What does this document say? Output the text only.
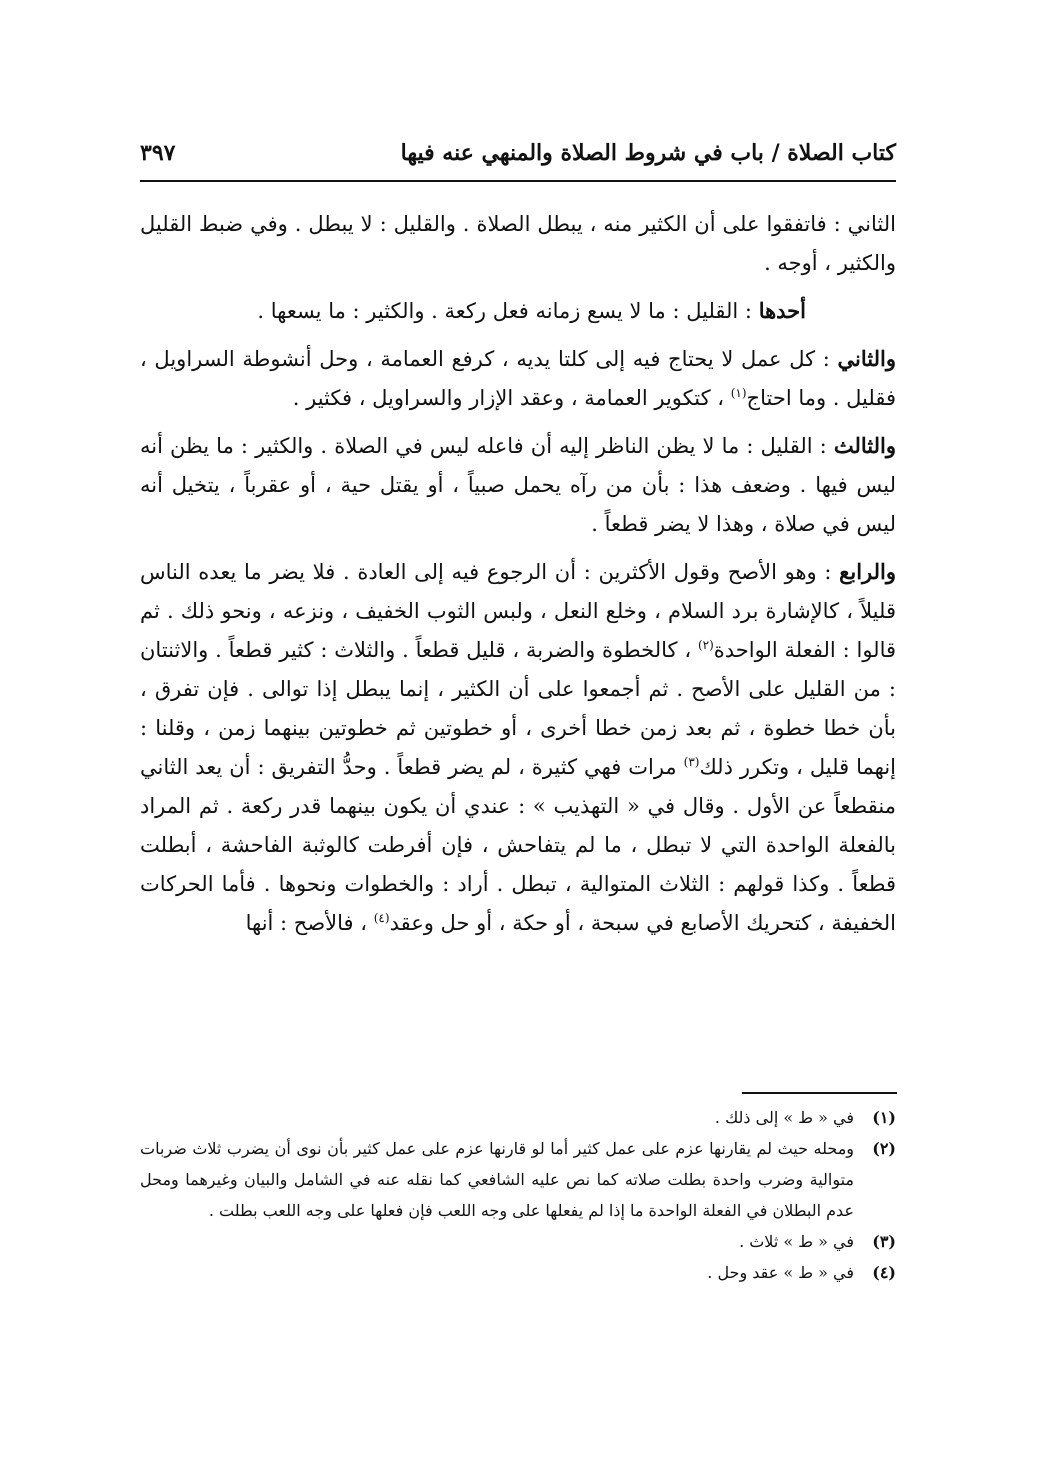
كتاب الصلاة / باب في شروط الصلاة والمنهي عنه فيها
٣٩٧

الثاني : فاتفقوا على أن الكثير منه ، يبطل الصلاة . والقليل : لا يبطل . وفي ضبط القليل والكثير ، أوجه .

أحدها : القليل : ما لا يسع زمانه فعل ركعة . والكثير : ما يسعها .

والثاني : كل عمل لا يحتاج فيه إلى كلتا يديه ، كرفع العمامة ، وحل أنشوطة السراويل ، فقليل . وما احتاج$^{(١)}$ ، كتكوير العمامة ، وعقد الإزار والسراويل ، فكثير .

والثالث : القليل : ما لا يظن الناظر إليه أن فاعله ليس في الصلاة . والكثير : ما يظن أنه ليس فيها . وضعف هذا : بأن من رآه يحمل صبياً ، أو يقتل حية ، أو عقرباً ، يتخيل أنه ليس في صلاة ، وهذا لا يضر قطعاً .

والرابع : وهو الأصح وقول الأكثرين : أن الرجوع فيه إلى العادة . فلا يضر ما يعده الناس قليلاً ، كالإشارة برد السلام ، وخلع النعل ، ولبس الثوب الخفيف ، ونزعه ، ونحو ذلك . ثم قالوا : الفعلة الواحدة$^{(٢)}$ ، كالخطوة والضربة ، قليل قطعاً . والثلاث : كثير قطعاً . والاثنتان : من القليل على الأصح . ثم أجمعوا على أن الكثير ، إنما يبطل إذا توالى . فإن تفرق ، بأن خطا خطوة ، ثم بعد زمن خطا أخرى ، أو خطوتين ثم خطوتين بينهما زمن ، وقلنا : إنهما قليل ، وتكرر ذلك$^{(٣)}$ مرات فهي كثيرة ، لم يضر قطعاً . وحدُّ التفريق : أن يعد الثاني منقطعاً عن الأول . وقال في « التهذيب » : عندي أن يكون بينهما قدر ركعة . ثم المراد بالفعلة الواحدة التي لا تبطل ، ما لم يتفاحش ، فإن أفرطت كالوثبة الفاحشة ، أبطلت قطعاً . وكذا قولهم : الثلاث المتوالية ، تبطل . أراد : والخطوات ونحوها . فأما الحركات الخفيفة ، كتحريك الأصابع في سبحة ، أو حكة ، أو حل وعقد$^{(٤)}$ ، فالأصح : أنها

(١)
في « ط » إلى ذلك .
(٢)
ومحله حيث لم يقارنها عزم على عمل كثير أما لو قارنها عزم على عمل كثير بأن نوى أن يضرب ثلاث ضربات متوالية وضرب واحدة بطلت صلاته كما نص عليه الشافعي كما نقله عنه في الشامل والبيان وغيرهما ومحل عدم البطلان في الفعلة الواحدة ما إذا لم يفعلها على وجه اللعب فإن فعلها على وجه اللعب بطلت .
(٣)
في « ط » ثلاث .
(٤)
في « ط » عقد وحل .
